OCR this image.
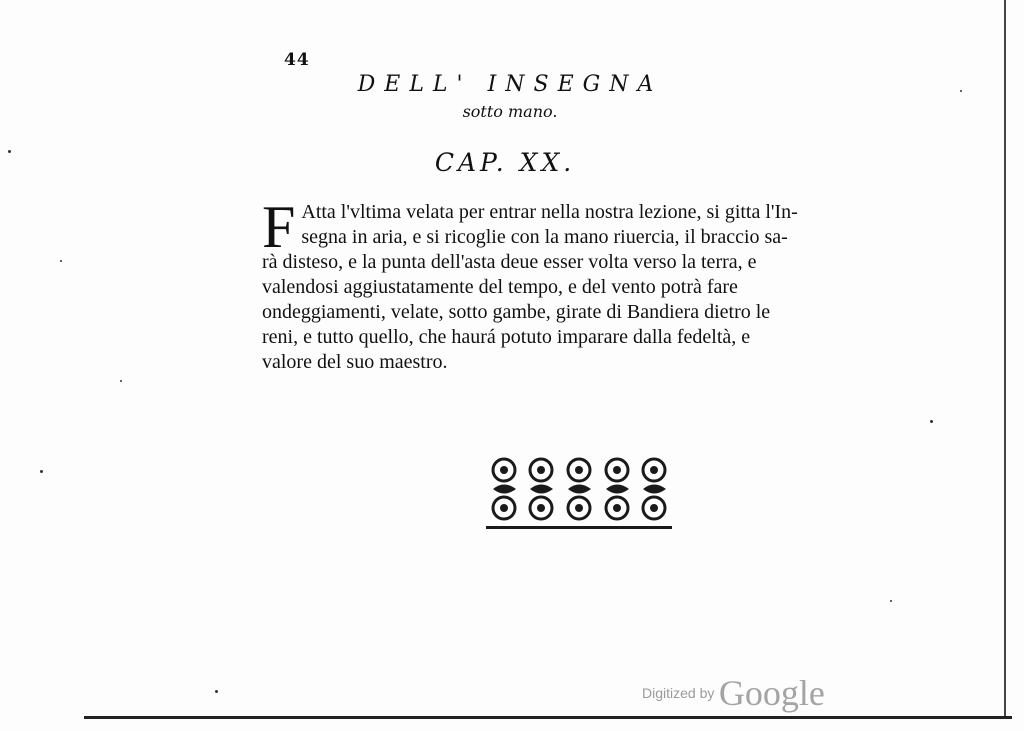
44
DELL' INSEGNA
sotto mano.
CAP. XX.
F Atta l'vltima velata per entrar nella nostra lezione, si gitta l'In-
segna in aria, e si ricoglie con la mano riuercia, il braccio sa-
rà disteso, e la punta dell'asta deue esser volta verso la terra, e
valendosi aggiustatamente del tempo, e del vento potrà fare
ondeggiamenti, velate, sotto gambe, girate di Bandiera dietro le
reni, e tutto quello, che haurá potuto imparare dalla fedeltà, e
valore del suo maestro.
Digitized by Google
